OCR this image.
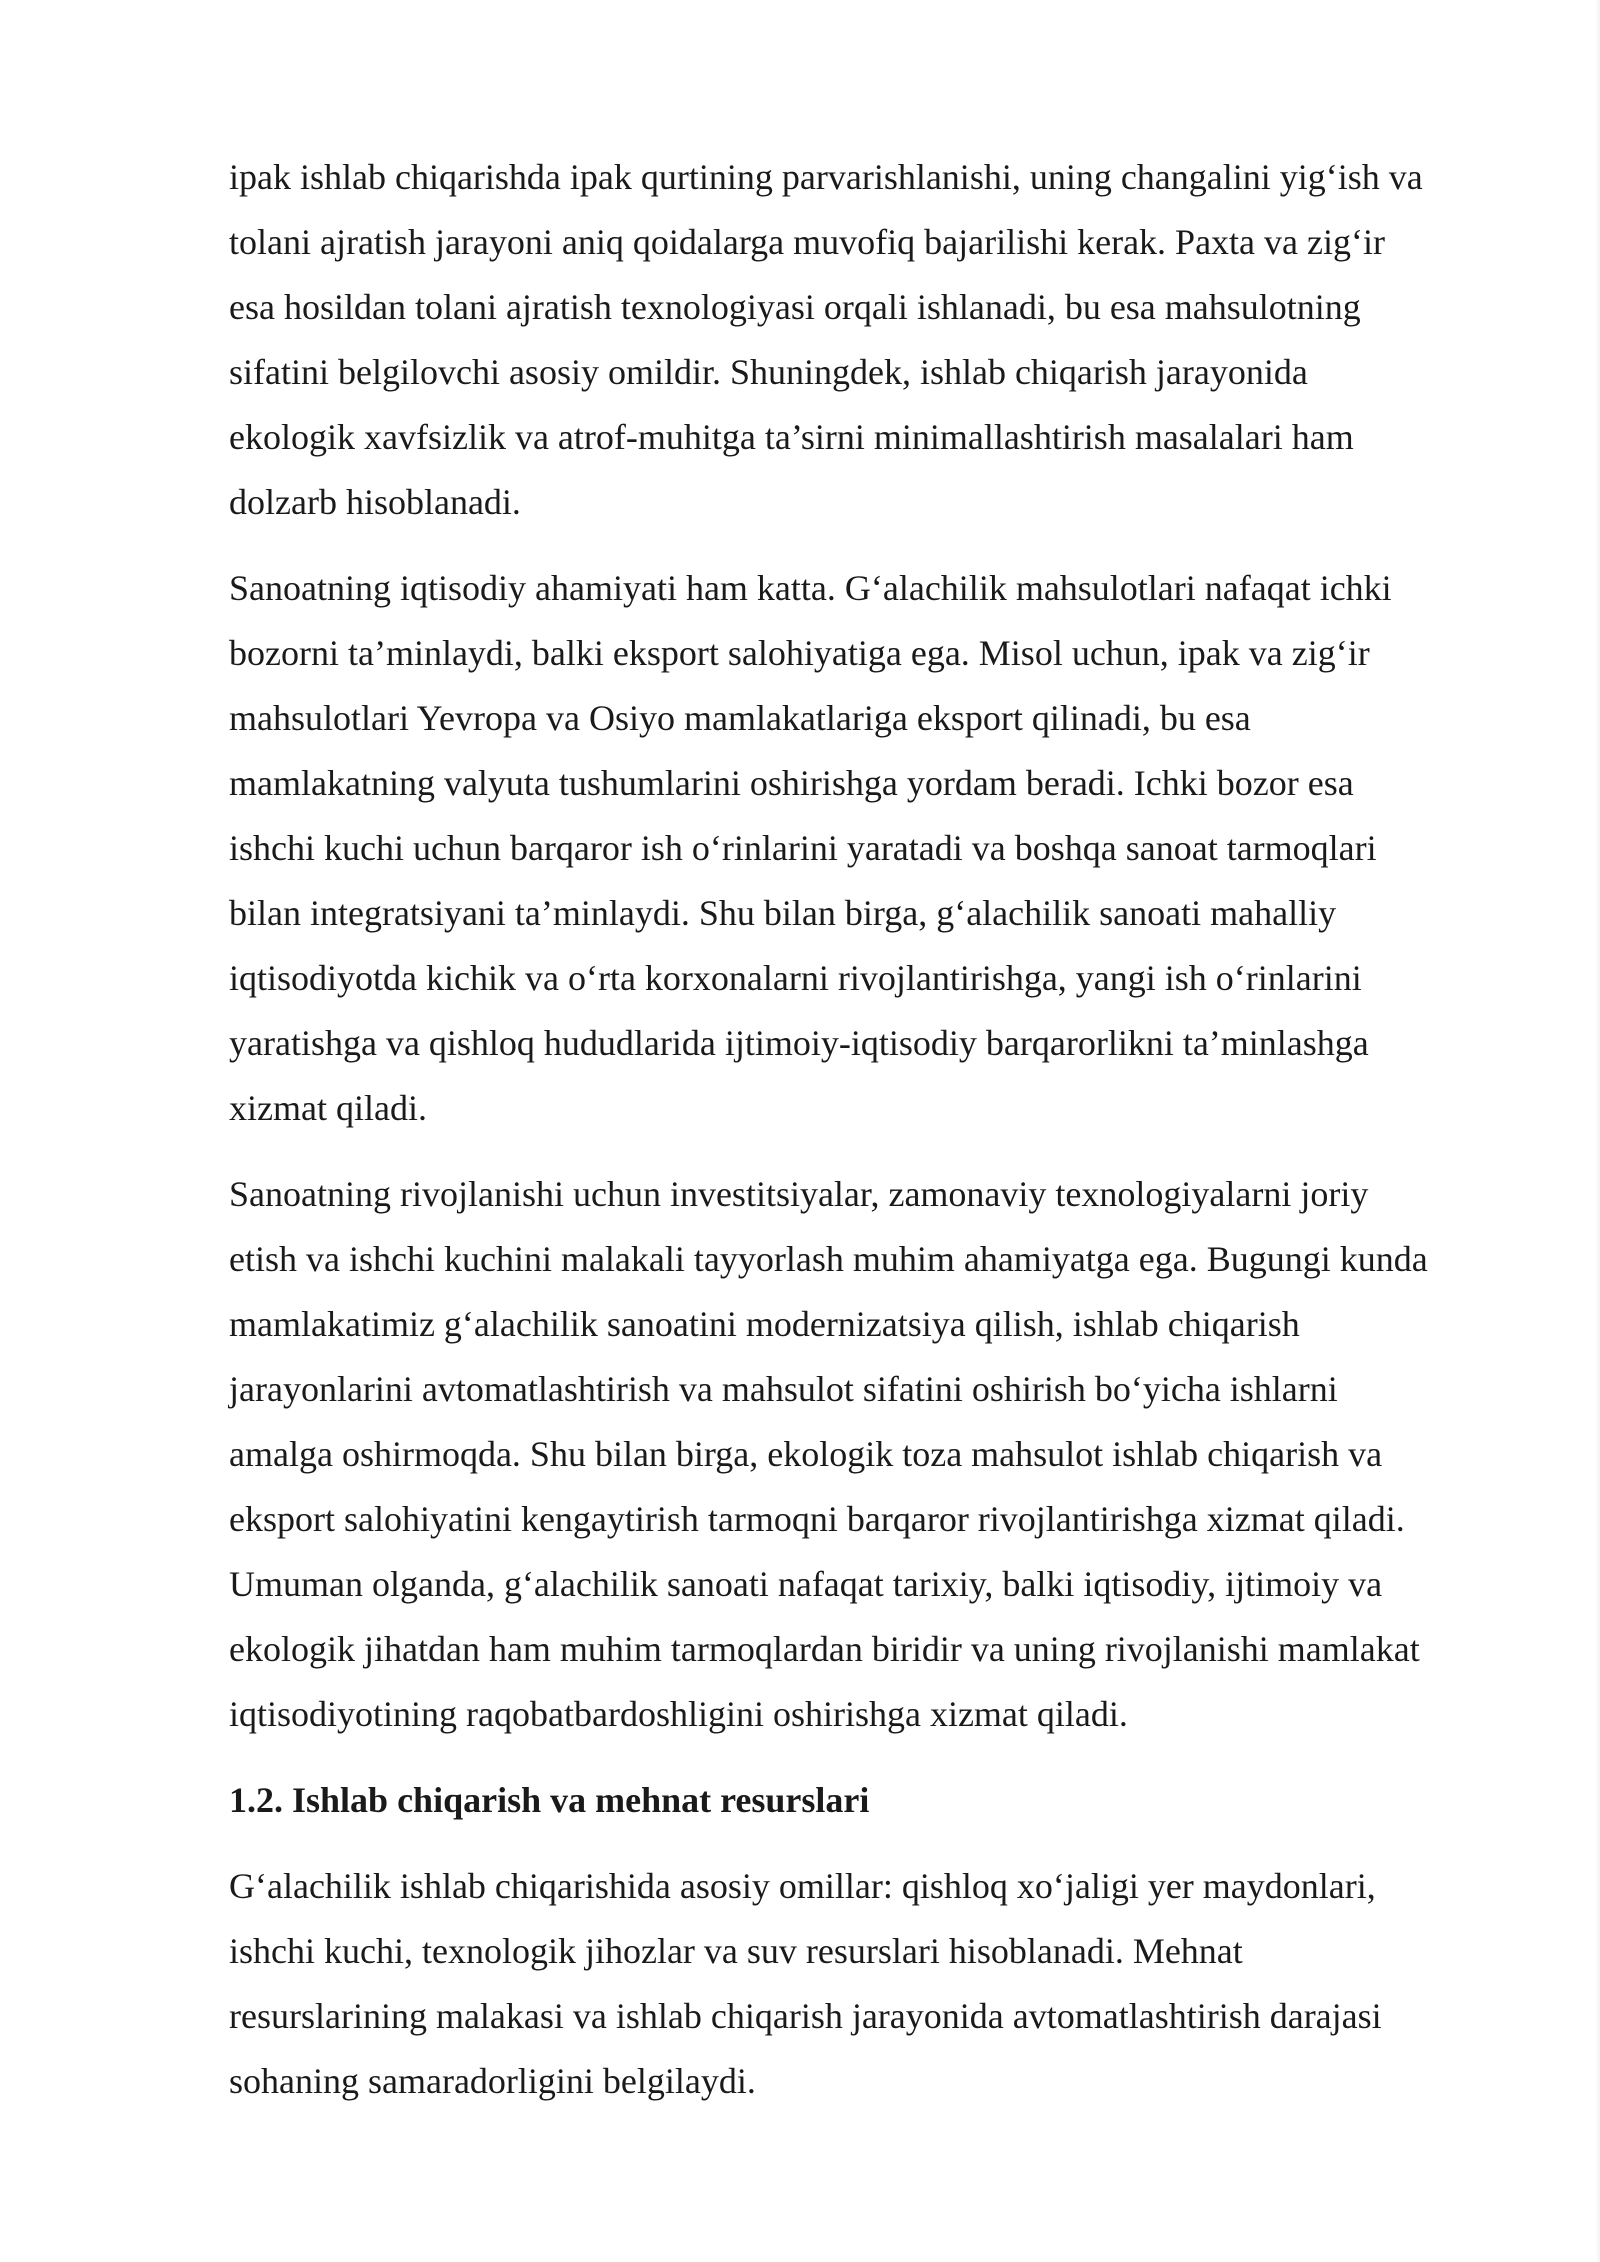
ipak ishlab chiqarishda ipak qurtining parvarishlanishi, uning changalini yig‘ish va
tolani ajratish jarayoni aniq qoidalarga muvofiq bajarilishi kerak. Paxta va zig‘ir
esa hosildan tolani ajratish texnologiyasi orqali ishlanadi, bu esa mahsulotning
sifatini belgilovchi asosiy omildir. Shuningdek, ishlab chiqarish jarayonida
ekologik xavfsizlik va atrof-muhitga ta’sirni minimallashtirish masalalari ham
dolzarb hisoblanadi.

Sanoatning iqtisodiy ahamiyati ham katta. G‘alachilik mahsulotlari nafaqat ichki
bozorni ta’minlaydi, balki eksport salohiyatiga ega. Misol uchun, ipak va zig‘ir
mahsulotlari Yevropa va Osiyo mamlakatlariga eksport qilinadi, bu esa
mamlakatning valyuta tushumlarini oshirishga yordam beradi. Ichki bozor esa
ishchi kuchi uchun barqaror ish o‘rinlarini yaratadi va boshqa sanoat tarmoqlari
bilan integratsiyani ta’minlaydi. Shu bilan birga, g‘alachilik sanoati mahalliy
iqtisodiyotda kichik va o‘rta korxonalarni rivojlantirishga, yangi ish o‘rinlarini
yaratishga va qishloq hududlarida ijtimoiy-iqtisodiy barqarorlikni ta’minlashga
xizmat qiladi.

Sanoatning rivojlanishi uchun investitsiyalar, zamonaviy texnologiyalarni joriy
etish va ishchi kuchini malakali tayyorlash muhim ahamiyatga ega. Bugungi kunda
mamlakatimiz g‘alachilik sanoatini modernizatsiya qilish, ishlab chiqarish
jarayonlarini avtomatlashtirish va mahsulot sifatini oshirish bo‘yicha ishlarni
amalga oshirmoqda. Shu bilan birga, ekologik toza mahsulot ishlab chiqarish va
eksport salohiyatini kengaytirish tarmoqni barqaror rivojlantirishga xizmat qiladi.
Umuman olganda, g‘alachilik sanoati nafaqat tarixiy, balki iqtisodiy, ijtimoiy va
ekologik jihatdan ham muhim tarmoqlardan biridir va uning rivojlanishi mamlakat
iqtisodiyotining raqobatbardoshligini oshirishga xizmat qiladi.

1.2. Ishlab chiqarish va mehnat resurslari

G‘alachilik ishlab chiqarishida asosiy omillar: qishloq xo‘jaligi yer maydonlari,
ishchi kuchi, texnologik jihozlar va suv resurslari hisoblanadi. Mehnat
resurslarining malakasi va ishlab chiqarish jarayonida avtomatlashtirish darajasi
sohaning samaradorligini belgilaydi.
